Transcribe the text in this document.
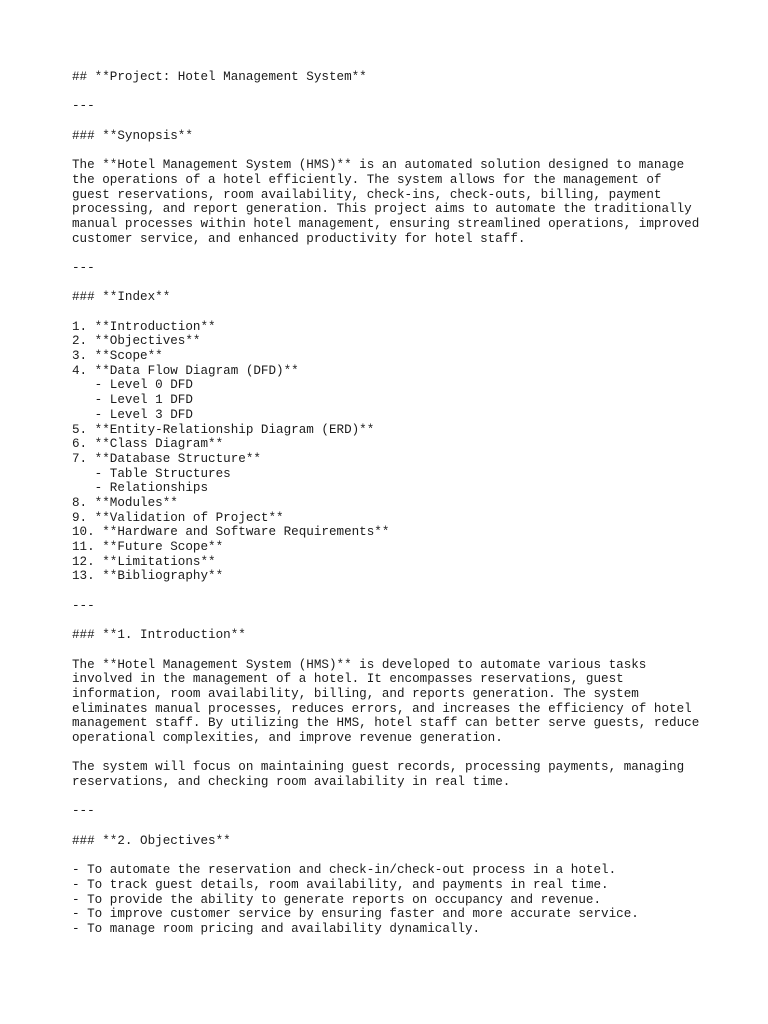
## **Project: Hotel Management System**
---
### **Synopsis**
The **Hotel Management System (HMS)** is an automated solution designed to manage
the operations of a hotel efficiently. The system allows for the management of
guest reservations, room availability, check-ins, check-outs, billing, payment
processing, and report generation. This project aims to automate the traditionally
manual processes within hotel management, ensuring streamlined operations, improved
customer service, and enhanced productivity for hotel staff.
---
### **Index**
1. **Introduction**
2. **Objectives**
3. **Scope**
4. **Data Flow Diagram (DFD)**
- Level 0 DFD
- Level 1 DFD
- Level 3 DFD
5. **Entity-Relationship Diagram (ERD)**
6. **Class Diagram**
7. **Database Structure**
- Table Structures
- Relationships
8. **Modules**
9. **Validation of Project**
10. **Hardware and Software Requirements**
11. **Future Scope**
12. **Limitations**
13. **Bibliography**
---
### **1. Introduction**
The **Hotel Management System (HMS)** is developed to automate various tasks
involved in the management of a hotel. It encompasses reservations, guest
information, room availability, billing, and reports generation. The system
eliminates manual processes, reduces errors, and increases the efficiency of hotel
management staff. By utilizing the HMS, hotel staff can better serve guests, reduce
operational complexities, and improve revenue generation.
The system will focus on maintaining guest records, processing payments, managing
reservations, and checking room availability in real time.
---
### **2. Objectives**
- To automate the reservation and check-in/check-out process in a hotel.
- To track guest details, room availability, and payments in real time.
- To provide the ability to generate reports on occupancy and revenue.
- To improve customer service by ensuring faster and more accurate service.
- To manage room pricing and availability dynamically.
